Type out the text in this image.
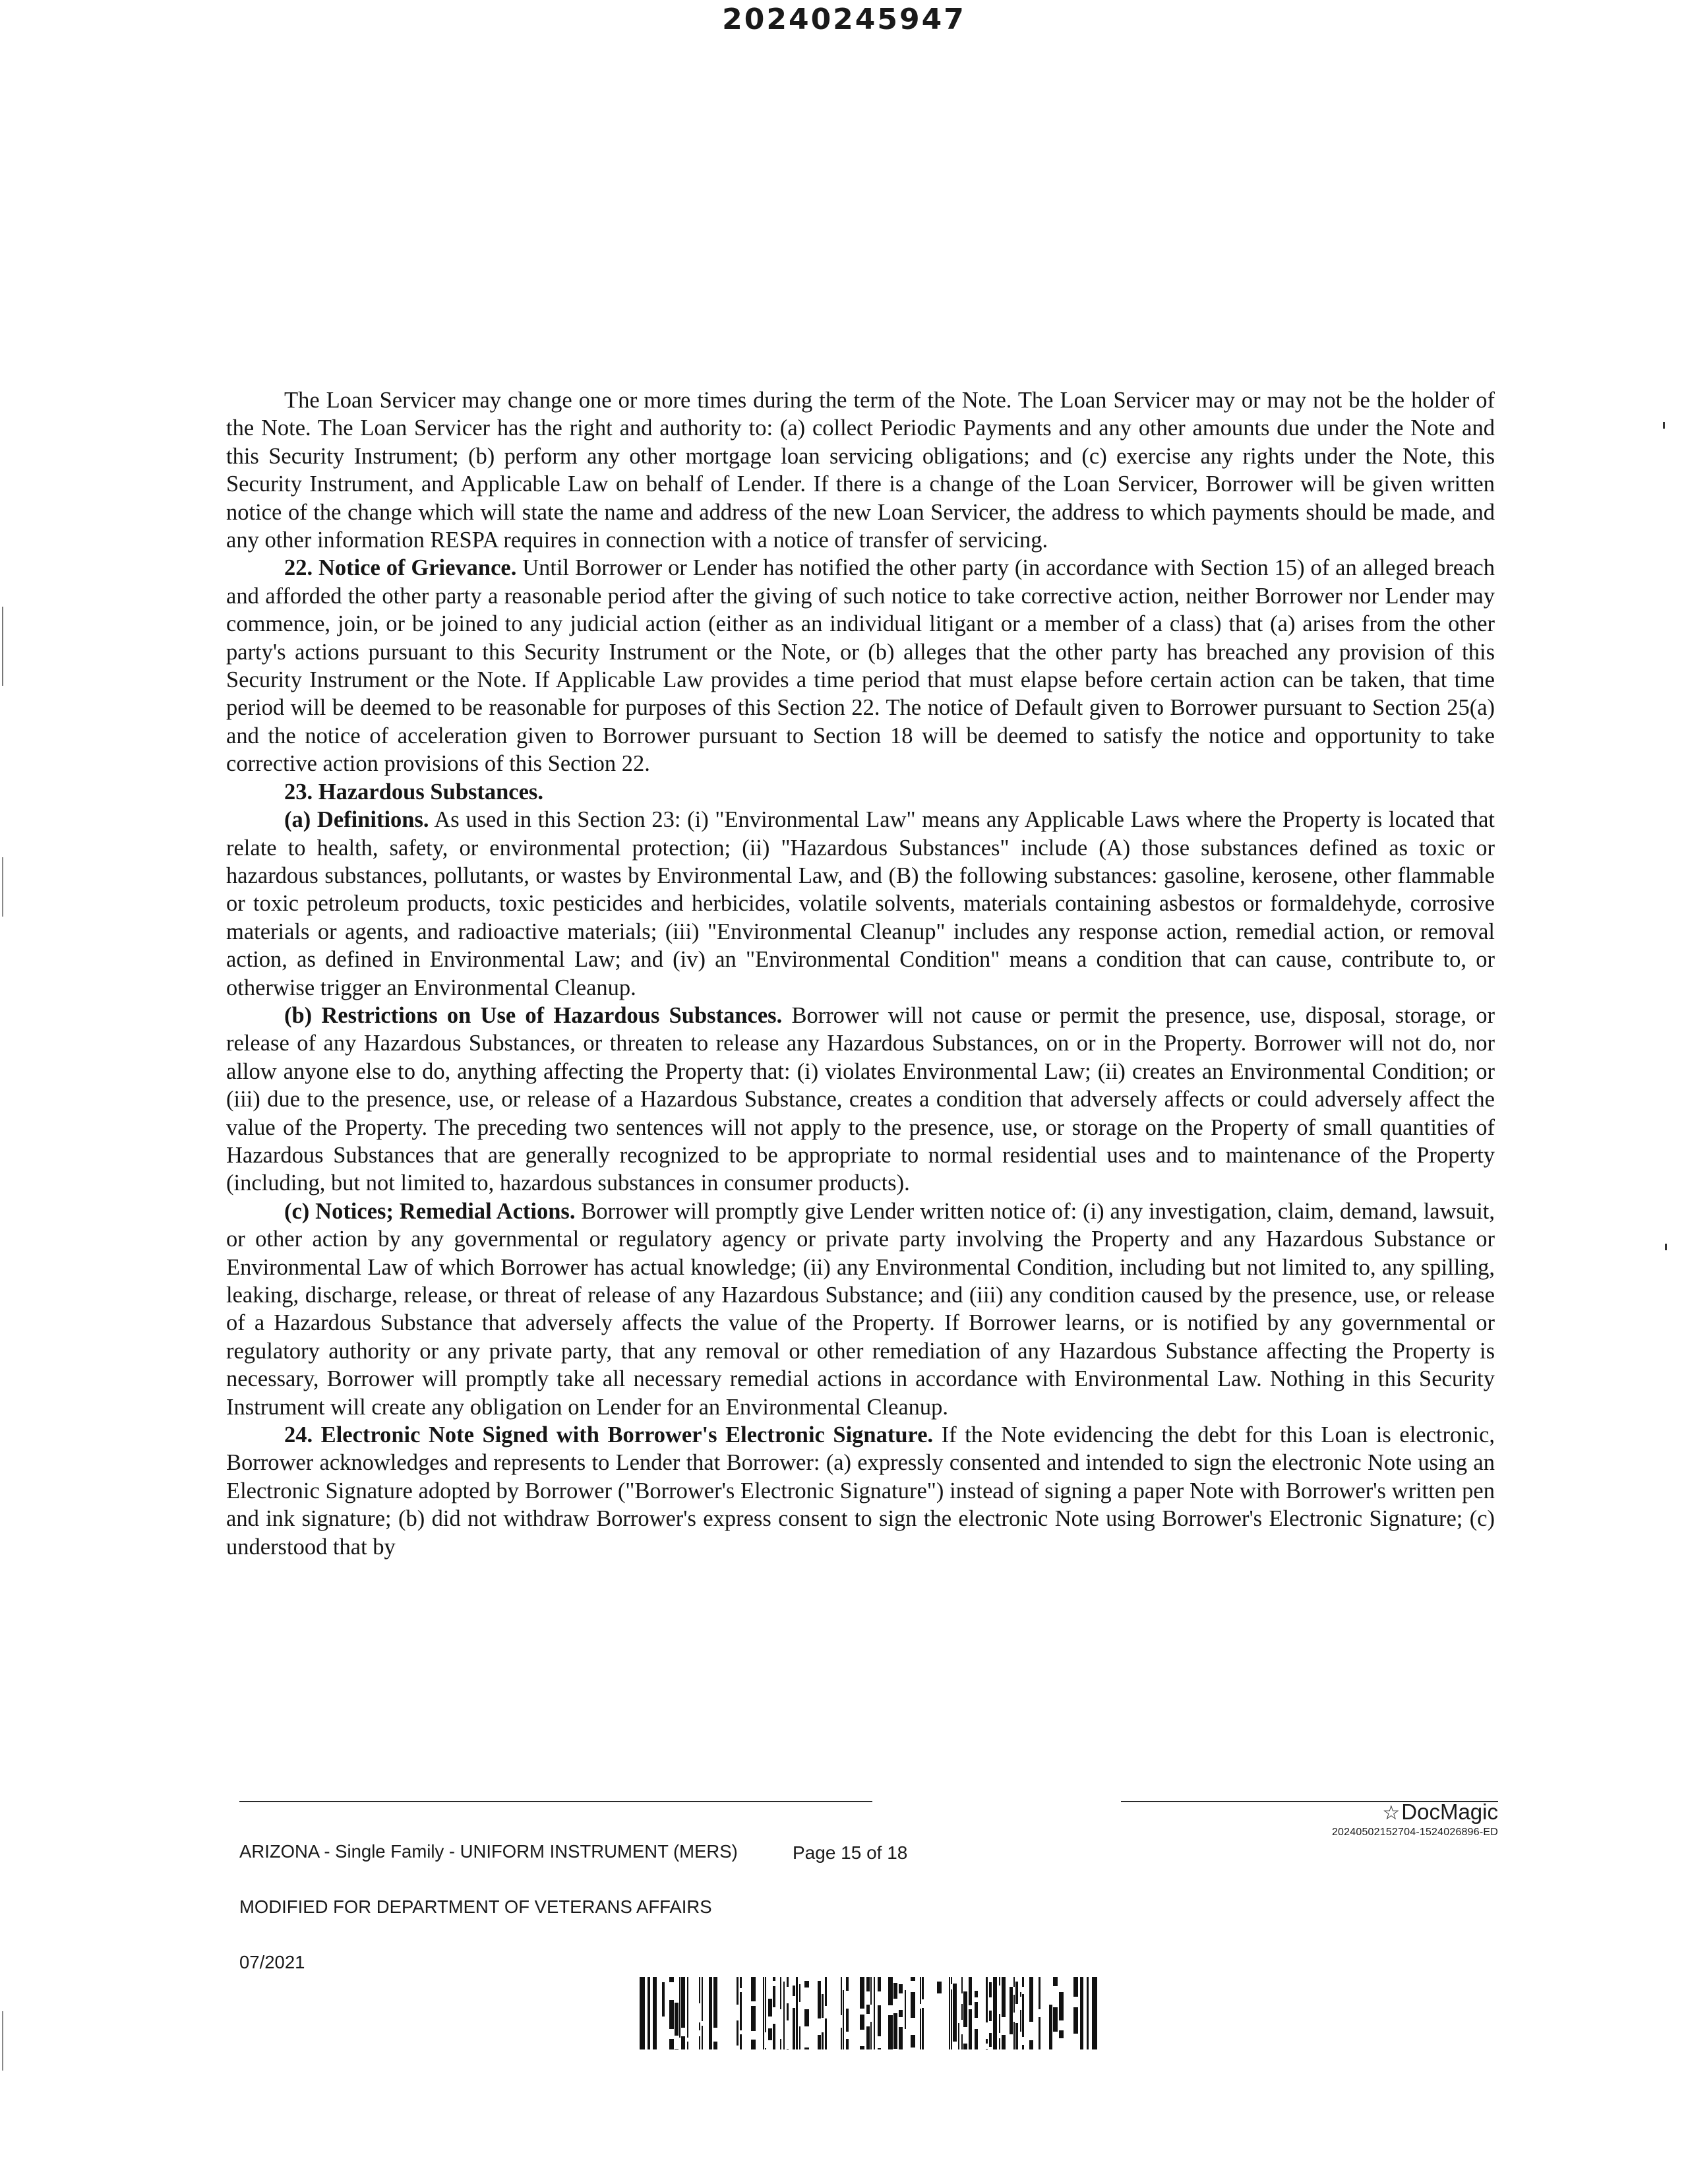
20240245947

The Loan Servicer may change one or more times during the term of the Note. The Loan Servicer may or may not be the holder of the Note. The Loan Servicer has the right and authority to: (a) collect Periodic Payments and any other amounts due under the Note and this Security Instrument; (b) perform any other mortgage loan servicing obligations; and (c) exercise any rights under the Note, this Security Instrument, and Applicable Law on behalf of Lender. If there is a change of the Loan Servicer, Borrower will be given written notice of the change which will state the name and address of the new Loan Servicer, the address to which payments should be made, and any other information RESPA requires in connection with a notice of transfer of servicing.

22. Notice of Grievance. Until Borrower or Lender has notified the other party (in accordance with Section 15) of an alleged breach and afforded the other party a reasonable period after the giving of such notice to take corrective action, neither Borrower nor Lender may commence, join, or be joined to any judicial action (either as an individual litigant or a member of a class) that (a) arises from the other party's actions pursuant to this Security Instrument or the Note, or (b) alleges that the other party has breached any provision of this Security Instrument or the Note. If Applicable Law provides a time period that must elapse before certain action can be taken, that time period will be deemed to be reasonable for purposes of this Section 22. The notice of Default given to Borrower pursuant to Section 25(a) and the notice of acceleration given to Borrower pursuant to Section 18 will be deemed to satisfy the notice and opportunity to take corrective action provisions of this Section 22.

23. Hazardous Substances.

(a) Definitions. As used in this Section 23: (i) "Environmental Law" means any Applicable Laws where the Property is located that relate to health, safety, or environmental protection; (ii) "Hazardous Substances" include (A) those substances defined as toxic or hazardous substances, pollutants, or wastes by Environmental Law, and (B) the following substances: gasoline, kerosene, other flammable or toxic petroleum products, toxic pesticides and herbicides, volatile solvents, materials containing asbestos or formaldehyde, corrosive materials or agents, and radioactive materials; (iii) "Environmental Cleanup" includes any response action, remedial action, or removal action, as defined in Environmental Law; and (iv) an "Environmental Condition" means a condition that can cause, contribute to, or otherwise trigger an Environmental Cleanup.

(b) Restrictions on Use of Hazardous Substances. Borrower will not cause or permit the presence, use, disposal, storage, or release of any Hazardous Substances, or threaten to release any Hazardous Substances, on or in the Property. Borrower will not do, nor allow anyone else to do, anything affecting the Property that: (i) violates Environmental Law; (ii) creates an Environmental Condition; or (iii) due to the presence, use, or release of a Hazardous Substance, creates a condition that adversely affects or could adversely affect the value of the Property. The preceding two sentences will not apply to the presence, use, or storage on the Property of small quantities of Hazardous Substances that are generally recognized to be appropriate to normal residential uses and to maintenance of the Property (including, but not limited to, hazardous substances in consumer products).

(c) Notices; Remedial Actions. Borrower will promptly give Lender written notice of: (i) any investigation, claim, demand, lawsuit, or other action by any governmental or regulatory agency or private party involving the Property and any Hazardous Substance or Environmental Law of which Borrower has actual knowledge; (ii) any Environmental Condition, including but not limited to, any spilling, leaking, discharge, release, or threat of release of any Hazardous Substance; and (iii) any condition caused by the presence, use, or release of a Hazardous Substance that adversely affects the value of the Property. If Borrower learns, or is notified by any governmental or regulatory authority or any private party, that any removal or other remediation of any Hazardous Substance affecting the Property is necessary, Borrower will promptly take all necessary remedial actions in accordance with Environmental Law. Nothing in this Security Instrument will create any obligation on Lender for an Environmental Cleanup.

24. Electronic Note Signed with Borrower's Electronic Signature. If the Note evidencing the debt for this Loan is electronic, Borrower acknowledges and represents to Lender that Borrower: (a) expressly consented and intended to sign the electronic Note using an Electronic Signature adopted by Borrower ("Borrower's Electronic Signature") instead of signing a paper Note with Borrower's written pen and ink signature; (b) did not withdraw Borrower's express consent to sign the electronic Note using Borrower's Electronic Signature; (c) understood that by

ARIZONA - Single Family - UNIFORM INSTRUMENT (MERS)

MODIFIED FOR DEPARTMENT OF VETERANS AFFAIRS

07/2021

Page 15 of 18
☆DocMagic
20240502152704-1524026896-ED
